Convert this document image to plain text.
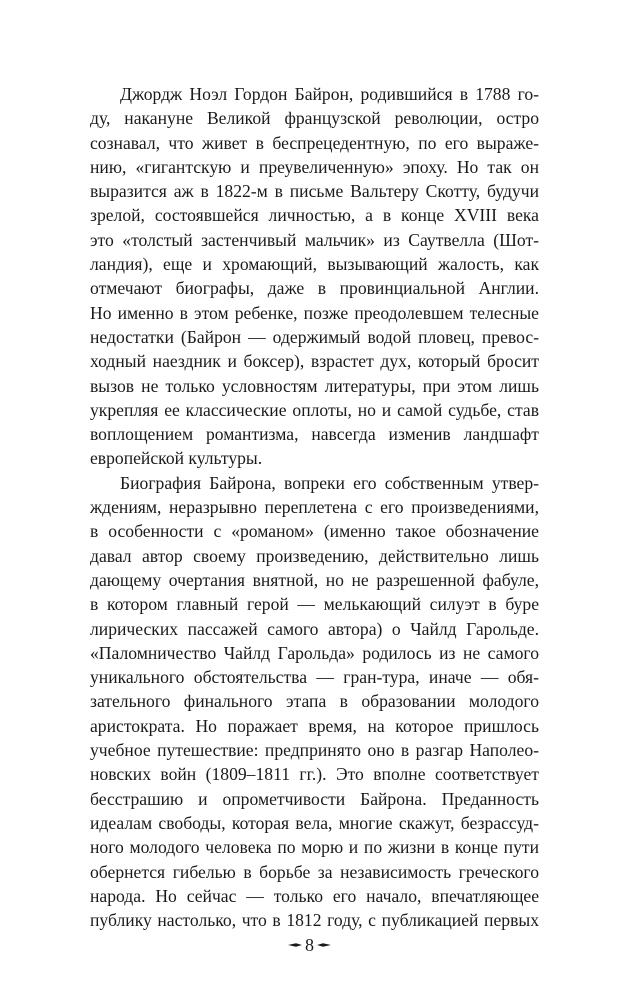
Джордж Ноэл Гордон Байрон, родившийся в 1788 го-
ду, накануне Великой французской революции, остро
сознавал, что живет в беспрецедентную, по его выраже-
нию, «гигантскую и преувеличенную» эпоху. Но так он
выразится аж в 1822-м в письме Вальтеру Скотту, будучи
зрелой, состоявшейся личностью, а в конце XVIII века
это «толстый застенчивый мальчик» из Саутвелла (Шот-
ландия), еще и хромающий, вызывающий жалость, как
отмечают биографы, даже в провинциальной Англии.
Но именно в этом ребенке, позже преодолевшем телесные
недостатки (Байрон — одержимый водой пловец, превос-
ходный наездник и боксер), взрастет дух, который бросит
вызов не только условностям литературы, при этом лишь
укрепляя ее классические оплоты, но и самой судьбе, став
воплощением романтизма, навсегда изменив ландшафт
европейской культуры.
Биография Байрона, вопреки его собственным утвер-
ждениям, неразрывно переплетена с его произведениями,
в особенности с «романом» (именно такое обозначение
давал автор своему произведению, действительно лишь
дающему очертания внятной, но не разрешенной фабуле,
в котором главный герой — мелькающий силуэт в буре
лирических пассажей самого автора) о Чайлд Гарольде.
«Паломничество Чайлд Гарольда» родилось из не самого
уникального обстоятельства — гран-тура, иначе — обя-
зательного финального этапа в образовании молодого
аристократа. Но поражает время, на которое пришлось
учебное путешествие: предпринято оно в разгар Наполео-
новских войн (1809–1811 гг.). Это вполне соответствует
бесстрашию и опрометчивости Байрона. Преданность
идеалам свободы, которая вела, многие скажут, безрассуд-
ного молодого человека по морю и по жизни в конце пути
обернется гибелью в борьбе за независимость греческого
народа. Но сейчас — только его начало, впечатляющее
публику настолько, что в 1812 году, с публикацией первых
8
